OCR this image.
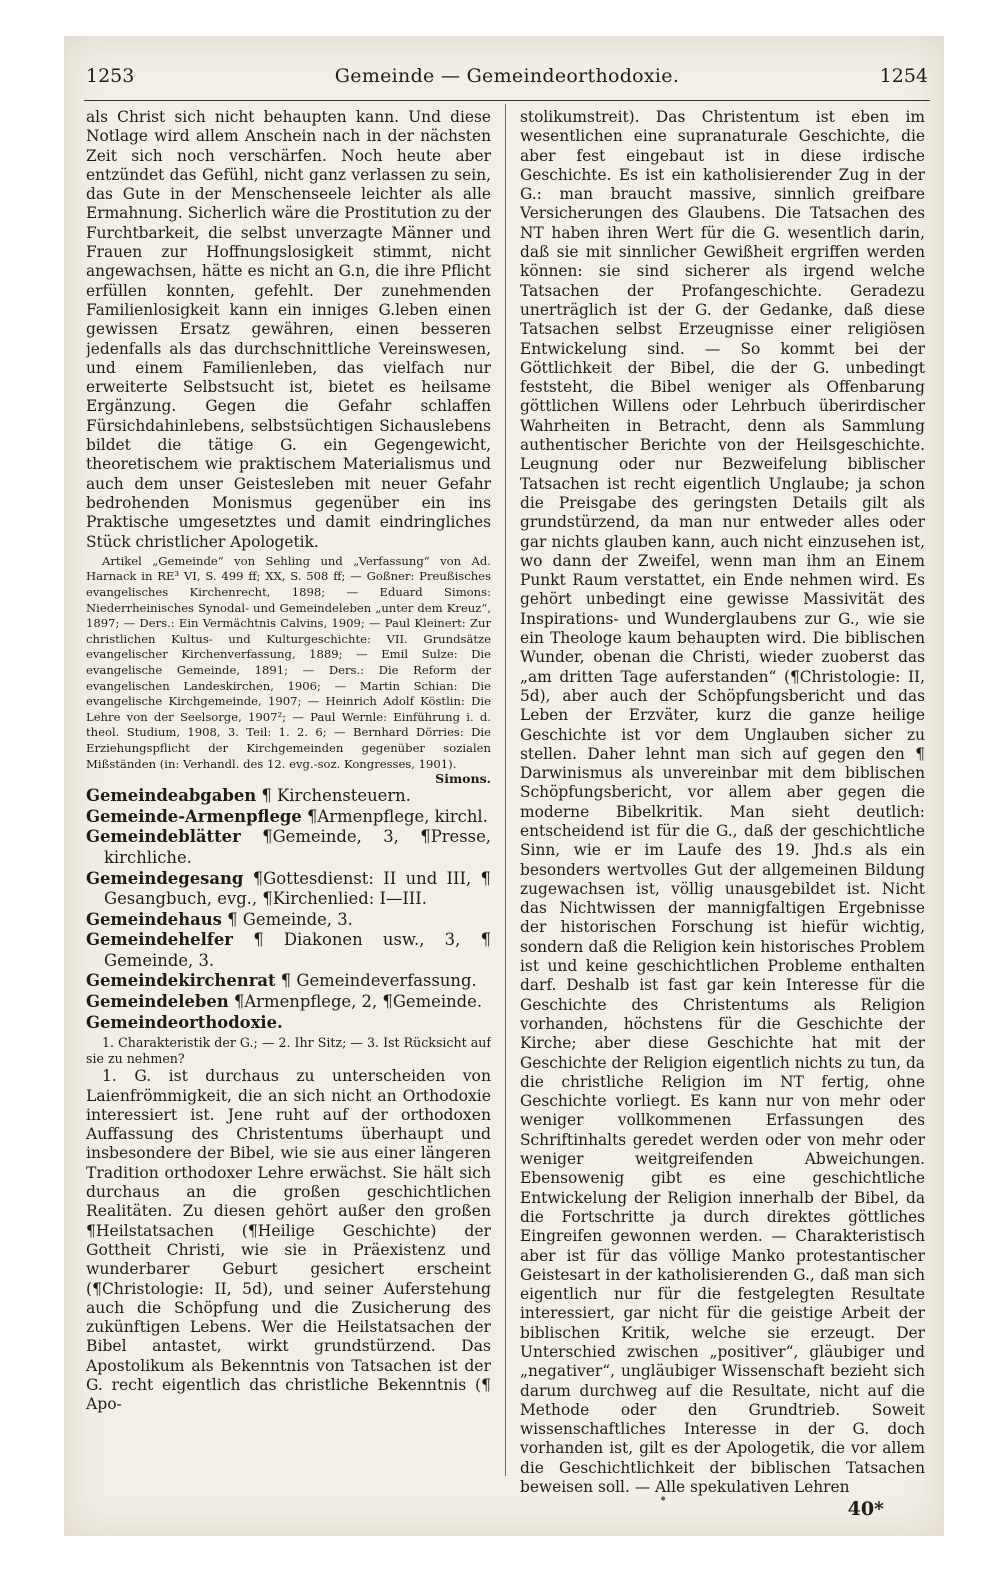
1253	Gemeinde — Gemeindeorthodoxie.	1254

als Christ sich nicht behaupten kann. Und diese Notlage wird allem Anschein nach in der nächsten Zeit sich noch verschärfen. Noch heute aber entzündet das Gefühl, nicht ganz verlassen zu sein, das Gute in der Menschenseele leichter als alle Ermahnung. Sicherlich wäre die Prostitution zu der Furchtbarkeit, die selbst unverzagte Männer und Frauen zur Hoffnungslosigkeit stimmt, nicht angewachsen, hätte es nicht an G.n, die ihre Pflicht erfüllen konnten, gefehlt. Der zunehmenden Familienlosigkeit kann ein inniges G.leben einen gewissen Ersatz gewähren, einen besseren jedenfalls als das durchschnittliche Vereinswesen, und einem Familienleben, das vielfach nur erweiterte Selbstsucht ist, bietet es heilsame Ergänzung. Gegen die Gefahr schlaffen Fürsichdahinlebens, selbstsüchtigen Sichauslebens bildet die tätige G. ein Gegengewicht, theoretischem wie praktischem Materialismus und auch dem unser Geistesleben mit neuer Gefahr bedrohenden Monismus gegenüber ein ins Praktische umgesetztes und damit eindringliches Stück christlicher Apologetik.

Artikel „Gemeinde“ von Sehling und „Verfassung“ von Ad. Harnack in RE³ VI, S. 499 ff; XX, S. 508 ff; — Goßner: Preußisches evangelisches Kirchenrecht, 1898; — Eduard Simons: Niederrheinisches Synodal- und Gemeindeleben „unter dem Kreuz“, 1897; — Ders.: Ein Vermächtnis Calvins, 1909; — Paul Kleinert: Zur christlichen Kultus- und Kulturgeschichte: VII. Grundsätze evangelischer Kirchenverfassung, 1889; — Emil Sulze: Die evangelische Gemeinde, 1891; — Ders.: Die Reform der evangelischen Landeskirchen, 1906; — Martin Schian: Die evangelische Kirchgemeinde, 1907; — Heinrich Adolf Köstlin: Die Lehre von der Seelsorge, 1907²; — Paul Wernle: Einführung i. d. theol. Studium, 1908, 3. Teil: 1. 2. 6; — Bernhard Dörries: Die Erziehungspflicht der Kirchgemeinden gegenüber sozialen Mißständen (in: Verhandl. des 12. evg.-soz. Kongresses, 1901).
Simons.

Gemeindeabgaben ¶ Kirchensteuern.

Gemeinde-Armenpflege ¶Armenpflege, kirchl.

Gemeindeblätter ¶Gemeinde, 3, ¶Presse, kirchliche.

Gemeindegesang ¶Gottesdienst: II und III, ¶ Gesangbuch, evg., ¶Kirchenlied: I—III.

Gemeindehaus ¶ Gemeinde, 3.

Gemeindehelfer ¶ Diakonen usw., 3, ¶ Gemeinde, 3.

Gemeindekirchenrat ¶ Gemeindeverfassung.

Gemeindeleben ¶Armenpflege, 2, ¶Gemeinde.

Gemeindeorthodoxie.

1. Charakteristik der G.; — 2. Ihr Sitz; — 3. Ist Rücksicht auf sie zu nehmen?

1. G. ist durchaus zu unterscheiden von Laienfrömmigkeit, die an sich nicht an Orthodoxie interessiert ist. Jene ruht auf der orthodoxen Auffassung des Christentums überhaupt und insbesondere der Bibel, wie sie aus einer längeren Tradition orthodoxer Lehre erwächst. Sie hält sich durchaus an die großen geschichtlichen Realitäten. Zu diesen gehört außer den großen ¶Heilstatsachen (¶Heilige Geschichte) der Gottheit Christi, wie sie in Präexistenz und wunderbarer Geburt gesichert erscheint (¶Christologie: II, 5d), und seiner Auferstehung auch die Schöpfung und die Zusicherung des zukünftigen Lebens. Wer die Heilstatsachen der Bibel antastet, wirkt grundstürzend. Das Apostolikum als Bekenntnis von Tatsachen ist der G. recht eigentlich das christliche Bekenntnis (¶ Apo-

stolikumstreit). Das Christentum ist eben im wesentlichen eine supranaturale Geschichte, die aber fest eingebaut ist in diese irdische Geschichte. Es ist ein katholisierender Zug in der G.: man braucht massive, sinnlich greifbare Versicherungen des Glaubens. Die Tatsachen des NT haben ihren Wert für die G. wesentlich darin, daß sie mit sinnlicher Gewißheit ergriffen werden können: sie sind sicherer als irgend welche Tatsachen der Profangeschichte. Geradezu unerträglich ist der G. der Gedanke, daß diese Tatsachen selbst Erzeugnisse einer religiösen Entwickelung sind. — So kommt bei der Göttlichkeit der Bibel, die der G. unbedingt feststeht, die Bibel weniger als Offenbarung göttlichen Willens oder Lehrbuch überirdischer Wahrheiten in Betracht, denn als Sammlung authentischer Berichte von der Heilsgeschichte. Leugnung oder nur Bezweifelung biblischer Tatsachen ist recht eigentlich Unglaube; ja schon die Preisgabe des geringsten Details gilt als grundstürzend, da man nur entweder alles oder gar nichts glauben kann, auch nicht einzusehen ist, wo dann der Zweifel, wenn man ihm an Einem Punkt Raum verstattet, ein Ende nehmen wird. Es gehört unbedingt eine gewisse Massivität des Inspirations- und Wunderglaubens zur G., wie sie ein Theologe kaum behaupten wird. Die biblischen Wunder, obenan die Christi, wieder zuoberst das „am dritten Tage auferstanden“ (¶Christologie: II, 5d), aber auch der Schöpfungsbericht und das Leben der Erzväter, kurz die ganze heilige Geschichte ist vor dem Unglauben sicher zu stellen. Daher lehnt man sich auf gegen den ¶ Darwinismus als unvereinbar mit dem biblischen Schöpfungsbericht, vor allem aber gegen die moderne Bibelkritik. Man sieht deutlich: entscheidend ist für die G., daß der geschichtliche Sinn, wie er im Laufe des 19. Jhd.s als ein besonders wertvolles Gut der allgemeinen Bildung zugewachsen ist, völlig unausgebildet ist. Nicht das Nichtwissen der mannigfaltigen Ergebnisse der historischen Forschung ist hiefür wichtig, sondern daß die Religion kein historisches Problem ist und keine geschichtlichen Probleme enthalten darf. Deshalb ist fast gar kein Interesse für die Geschichte des Christentums als Religion vorhanden, höchstens für die Geschichte der Kirche; aber diese Geschichte hat mit der Geschichte der Religion eigentlich nichts zu tun, da die christliche Religion im NT fertig, ohne Geschichte vorliegt. Es kann nur von mehr oder weniger vollkommenen Erfassungen des Schriftinhalts geredet werden oder von mehr oder weniger weitgreifenden Abweichungen. Ebensowenig gibt es eine geschichtliche Entwickelung der Religion innerhalb der Bibel, da die Fortschritte ja durch direktes göttliches Eingreifen gewonnen werden. — Charakteristisch aber ist für das völlige Manko protestantischer Geistesart in der katholisierenden G., daß man sich eigentlich nur für die festgelegten Resultate interessiert, gar nicht für die geistige Arbeit der biblischen Kritik, welche sie erzeugt. Der Unterschied zwischen „positiver“, gläubiger und „negativer“, ungläubiger Wissenschaft bezieht sich darum durchweg auf die Resultate, nicht auf die Methode oder den Grundtrieb. Soweit wissenschaftliches Interesse in der G. doch vorhanden ist, gilt es der Apologetik, die vor allem die Geschichtlichkeit der biblischen Tatsachen beweisen soll. — Alle spekulativen Lehren

•	40*
